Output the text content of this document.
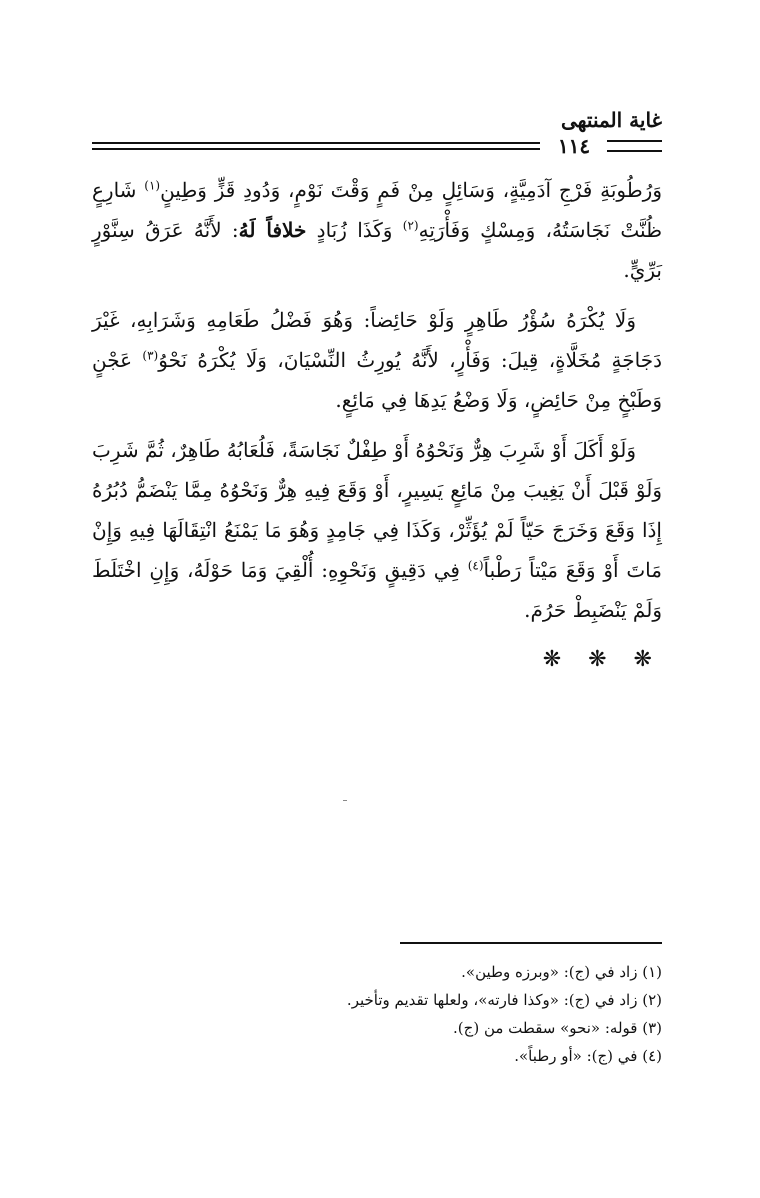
غاية المنتهى
١١٤

وَرُطُوبَةِ فَرْجِ آدَمِيَّةٍ، وَسَائِلٍ مِنْ فَمٍ وَقْتَ نَوْمٍ، وَدُودِ قَزٍّ وَطِينٍ$^{(١)}$ شَارِعٍ ظُنَّتْ نَجَاسَتُهُ، وَمِسْكٍ وَفَأْرَتِهِ$^{(٢)}$ وَكَذَا زُبَادٍ خلافاً لَهُ: لأَنَّهُ عَرَقُ سِنَّوْرٍ بَرِّيٍّ.

وَلَا يُكْرَهُ سُؤْرُ طَاهِرٍ وَلَوْ حَائِضاً: وَهُوَ فَضْلُ طَعَامِهِ وَشَرَابِهِ، غَيْرَ دَجَاجَةٍ مُخَلَّاةٍ، قِيلَ: وَفَأْرٍ، لأَنَّهُ يُورِثُ النِّسْيَانَ، وَلَا يُكْرَهُ نَحْوُ$^{(٣)}$ عَجْنٍ وَطَبْخٍ مِنْ حَائِضٍ، وَلَا وَضْعُ يَدِهَا فِي مَائِعٍ.

وَلَوْ أَكَلَ أَوْ شَرِبَ هِرٌّ وَنَحْوُهُ أَوْ طِفْلٌ نَجَاسَةً، فَلُعَابُهُ طَاهِرٌ، ثُمَّ شَرِبَ وَلَوْ قَبْلَ أَنْ يَغِيبَ مِنْ مَائِعٍ يَسِيرٍ، أَوْ وَقَعَ فِيهِ هِرٌّ وَنَحْوُهُ مِمَّا يَنْضَمُّ دُبُرُهُ إِذَا وَقَعَ وَخَرَجَ حَيّاً لَمْ يُؤَثِّرْ، وَكَذَا فِي جَامِدٍ وَهُوَ مَا يَمْنَعُ انْتِقَالَهَا فِيهِ وَإِنْ مَاتَ أَوْ وَقَعَ مَيْتاً رَطْباً$^{(٤)}$ فِي دَقِيقٍ وَنَحْوِهِ: أُلْقِيَ وَمَا حَوْلَهُ، وَإِنِ اخْتَلَطَ وَلَمْ يَنْضَبِطْ حَرُمَ.

❋ ❋ ❋
(١) زاد في (ج): «وبرزه وطين».
(٢) زاد في (ج): «وكذا فارته»، ولعلها تقديم وتأخير.
(٣) قوله: «نحو» سقطت من (ج).
(٤) في (ج): «أو رطباً».
